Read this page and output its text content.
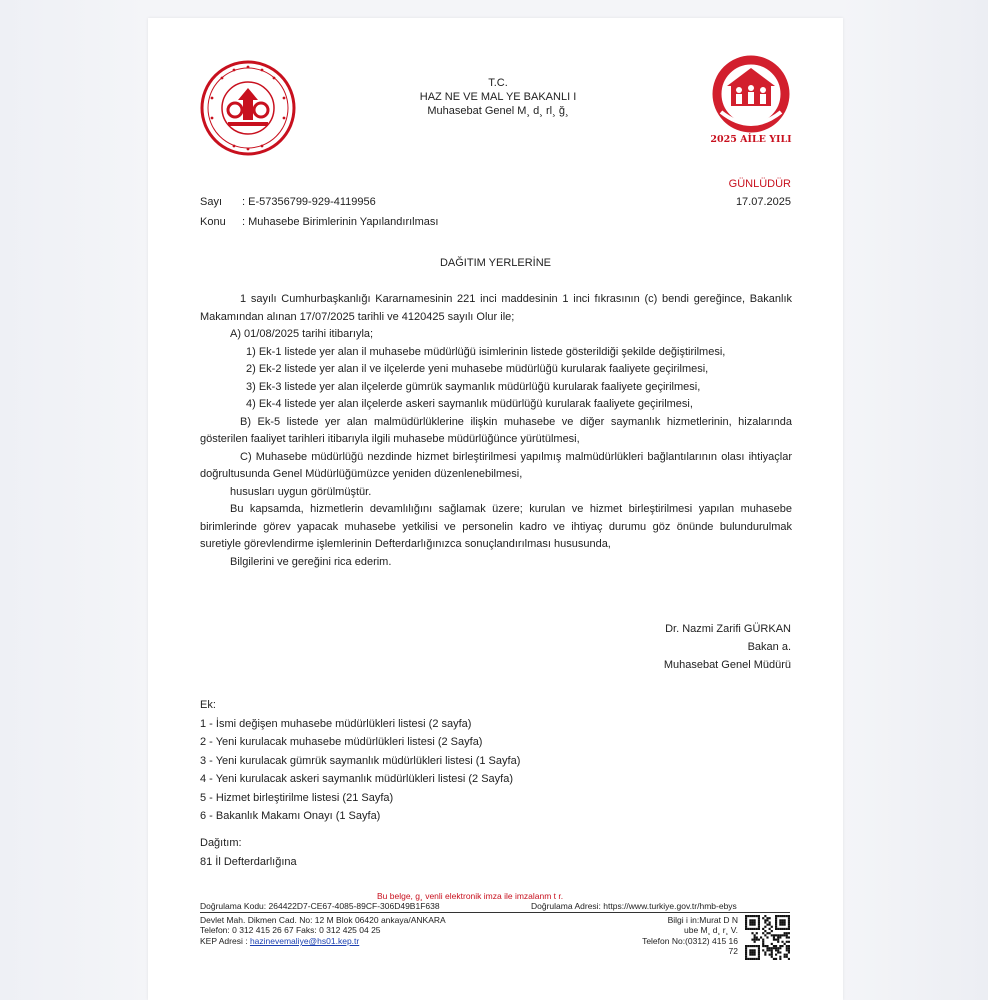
T.C.
HAZ NE VE MAL YE BAKANLI I
Muhasebat Genel M¸ d¸ rl¸ ğ¸
2025 AİLE YILI
GÜNLÜDÜR
17.07.2025
Sayı : E-57356799-929-4119956
Konu : Muhasebe Birimlerinin Yapılandırılması
DAĞITIM YERLERİNE

1 sayılı Cumhurbaşkanlığı Kararnamesinin 221 inci maddesinin 1 inci fıkrasının (c) bendi gereğince, Bakanlık Makamından alınan 17/07/2025 tarihli ve 4120425 sayılı Olur ile;

A) 01/08/2025 tarihi itibarıyla;

1) Ek-1 listede yer alan il muhasebe müdürlüğü isimlerinin listede gösterildiği şekilde değiştirilmesi,

2) Ek-2 listede yer alan il ve ilçelerde yeni muhasebe müdürlüğü kurularak faaliyete geçirilmesi,

3) Ek-3 listede yer alan ilçelerde gümrük saymanlık müdürlüğü kurularak faaliyete geçirilmesi,

4) Ek-4 listede yer alan ilçelerde askeri saymanlık müdürlüğü kurularak faaliyete geçirilmesi,

B) Ek-5 listede yer alan malmüdürlüklerine ilişkin muhasebe ve diğer saymanlık hizmetlerinin, hizalarında gösterilen faaliyet tarihleri itibarıyla ilgili muhasebe müdürlüğünce yürütülmesi,

C) Muhasebe müdürlüğü nezdinde hizmet birleştirilmesi yapılmış malmüdürlükleri bağlantılarının olası ihtiyaçlar doğrultusunda Genel Müdürlüğümüzce yeniden düzenlenebilmesi,

hususları uygun görülmüştür.

Bu kapsamda, hizmetlerin devamlılığını sağlamak üzere; kurulan ve hizmet birleştirilmesi yapılan muhasebe birimlerinde görev yapacak muhasebe yetkilisi ve personelin kadro ve ihtiyaç durumu göz önünde bulundurulmak suretiyle görevlendirme işlemlerinin Defterdarlığınızca sonuçlandırılması hususunda,

Bilgilerini ve gereğini rica ederim.

Dr. Nazmi Zarifi GÜRKAN
Bakan a.
Muhasebat Genel Müdürü
Ek:
1 - İsmi değişen muhasebe müdürlükleri listesi (2 sayfa)
2 - Yeni kurulacak muhasebe müdürlükleri listesi (2 Sayfa)
3 - Yeni kurulacak gümrük saymanlık müdürlükleri listesi (1 Sayfa)
4 - Yeni kurulacak askeri saymanlık müdürlükleri listesi (2 Sayfa)
5 - Hizmet birleştirilme listesi (21 Sayfa)
6 - Bakanlık Makamı Onayı (1 Sayfa)
Dağıtım:
81 İl Defterdarlığına
Bu belge, g¸ venli elektronik imza ile imzalanm t r.
Doğrulama Kodu: 264422D7-CE67-4085-89CF-306D49B1F638	Doğrulama Adresi: https://www.turkiye.gov.tr/hmb-ebys
Devlet Mah. Dikmen Cad. No: 12 M Blok 06420 ankaya/ANKARA
Telefon: 0 312 415 26 67 Faks: 0 312 425 04 25
KEP Adresi : hazinevemaliye@hs01.kep.tr
Bilgi i in:Murat D N
ube M¸ d¸ r¸ V.
Telefon No:(0312) 415 16
72
